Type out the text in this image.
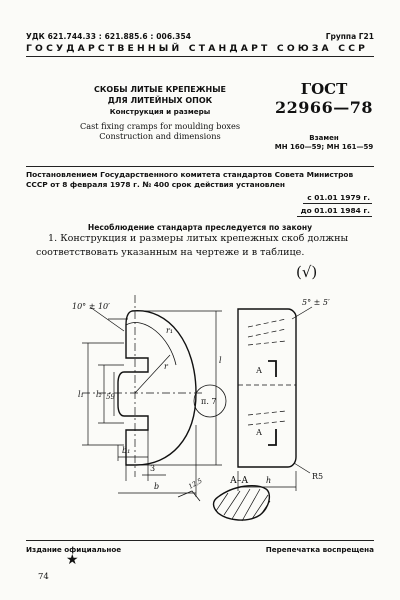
УДК 621.744.33 : 621.885.6 : 006.354	Группа Г21
ГОСУДАРСТВЕННЫЙ СТАНДАРТ СОЮЗА ССР
СКОБЫ ЛИТЫЕ КРЕПЕЖНЫЕ
ДЛЯ ЛИТЕЙНЫХ ОПОК
Конструкция и размеры
Cast fixing cramps for moulding boxes
Construction and dimensions
ГОСТ
22966—78
Взамен
МН 160—59; МН 161—59
Постановлением Государственного комитета стандартов Совета Министров СССР от 8 февраля 1978 г. № 400 срок действия установлен
с 01.01 1979 г.
до 01.01 1984 г.
Несоблюдение стандарта преследуется по закону
1. Конструкция и размеры литых крепежных скоб должны соответствовать указанным на чертеже и в таблице.
(√)
10° ± 10′	5° ± 5′
r₁
r
l₁ l₂
l
59
b₁
3
b
п. 7
А
А
h	R5
А–А
12,5
Издание официальное	Перепечатка воспрещена
★
74
